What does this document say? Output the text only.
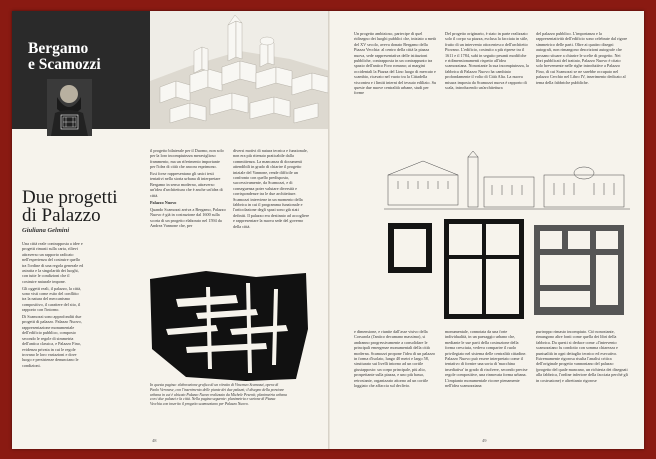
Bergamo
e Scamozzi
Due progetti
di Palazzo
Giuliana Gelmini

Una città reale contrapposta a idee e progetti rimasti sulla carta, rilievi attraverso un rapporto radicato nell'esperienza del costruire quello tra l'ordine di una regola generale ed astratta e la singolarità dei luoghi, con tutte le condizioni che il costruire naturale impone.

Gli oggetti reali, il palazzo, la città, sono visti come esito del conflitto tra la natura del meccanismo compositivo, il carattere del sito, il rapporto con l'intorno.

Di Scamozzi sono approfonditi due progetti di palazzo. Palazzo Nuovo, rappresentazione monumentale dell'edificio pubblico, composto secondo le regole di simmetria dell'antica classica, e Palazzo Fino, evidenza privata in cui le regole trovano le loro variazioni e dove luogo e persistenze denunciano le condizioni.

il progetto bilaterale per il Duomo, non solo per la loro incompiutezza meraviglioso frammento, ma un riferimento importante per l'idea di città che ancora esprimono.

Essi forse rappresentano gli unici testi tentativi nella storia urbana di interpretare Bergamo in senso moderno, attraverso un'idea d'architettura che è anche un'idea di città.

Palazzo Nuovo

Quando Scamozzi arriva a Bergamo, Palazzo Nuovo è già in costruzione dal 1600 sulla scorta di un progetto elaborato nel 1594 da Andrea Vannone che, per

diversi motivi di natura tecnica e funzionale, non era più ritenuto praticabile dalla committenza. La mancanza di documenti attendibili in grado di chiarire il progetto iniziale del Vannone, rende difficile un confronto con quello predisposto, successivamente, da Scamozzi, e di conseguenza poter valutare diversità e corrispondenze tra le due architetture. Scamozzi interviene in un momento della fabbrica in cui il programma funzionale e l'articolazione degli spazi sono già stati definiti. Il palazzo era destinato ad accogliere e rappresentare la nuova sede del governo della città.

In questa pagina: elaborazione grafica di un ritratto di Vincenzo Scamozzi, opera di Paolo Veronese, con l'inserimento delle piante dei due palazzi; il disegno della porzione urbana in cui è ubicato Palazzo Nuovo realizzato da Michele Pesenti; planimetria urbana con i due palazzi e la città. Nella pagina seguente: planimetria e sezione di Piazza Vecchia con inserito il progetto scamozziano per Palazzo Nuovo.
48

Un progetto ambizioso, partecipe di quel ridisegno dei luoghi pubblici che, iniziato a metà del XV secolo, aveva donato Bergamo della Piazza Vecchia: al centro della città la piazza nuova, sede rappresentativa delle istituzioni pubbliche, contrapposta in un contrappunto tra spazio dell'antico Foro romano; ai margini occidentali la Piazza del Lino luogo di mercato e scambio, ricavato nel vuoto tra la Cittadella viscontea e i limiti interni del tessuto edilizio. Su queste due nuove centralità urbane, studi per forme

Del progetto originario, è stato in parte realizzato solo il corpo su piazza, esclusa la facciata in stile, frutto di un intervento ottocentesco dell'architetto Piovano. L'edificio, costruito a più riprese tra il 1611 e il 1784, subì in seguito pesanti modifiche e ridimensionamenti rispetto all'idea scamozziana. Nonostante la sua incompiutezza, la fabbrica di Palazzo Nuovo ha cambiato profondamente il volto di Città Alta. La nuova misura imposta da Scamozzi nuova è rapporto di scala, introducendo un'architettura

del palazzo pubblico. L'importanza e la rappresentatività dell'edificio sono celebrate dal rigore simmetrico delle parti. Oltre ai quattro disegni autografi, non rimangono descrizioni autografe che possano situare a chiarire le scelte di progetto. Nei libri pubblicati del trattato, Palazzo Nuovo è citato solo brevemente nelle righe introduttive a Palazzo Fino, di cui Scamozzi se ne sarebbe occupato nel palazzo Cerchio nel Libro IV, inserimento dedicato al tema della fabbriche pubbliche.

e dimensione, e riunite dall'asse visivo della Corsarola (l'antico decumano massimo), si andranno progressivamente a consolidare le principali emergenze monumentali della città moderna. Scamozzi propone l'idea di un palazzo in forma d'isolato, lungo 40 metri e largo 58, strutturato sui livelli intorno ad un cortile giustapposto: un corpo principale, più alto, prospettante sulla piazza, e uno più basso, retrostante, organizzato attorno ad un cortile loggiato che affaccia sul declivio.

monumentale, connotata da una forte individualità, in un paesaggio urbano che, mediante le sue parti della costruzione della forma cresciuta, vedeva comparire il ruolo privilegiato nel sistema delle centralità cittadine. Palazzo Nuovo può essere interpretato come il tentativo di fornire una sorta di 'macchina insediativa' in grado di risolvere, secondo precise regole compositive, una rinnovata forma urbana. L'impianto monumentale ricorre pienamente nell'idea scamozziana

purtroppo rimasto incompiuto. Ciò nonostante, rimangono altre fonti come quella dei libri della fabbrica. Da questi si deduce come «l'intervento scamozziano fu condotto con somma chiarezza e puntualità in ogni dettaglio tecnico ed esecutivo. Estremamente rigorosa risulta l'analisi critica dell'originale progetto vannoniano del palazzo (progetto del quale mancano, un richiesta dei disegnati alla fabbrica, l'ordine inferiore della facciata perché gli in costruzione) e altrettanto rigorose

49
